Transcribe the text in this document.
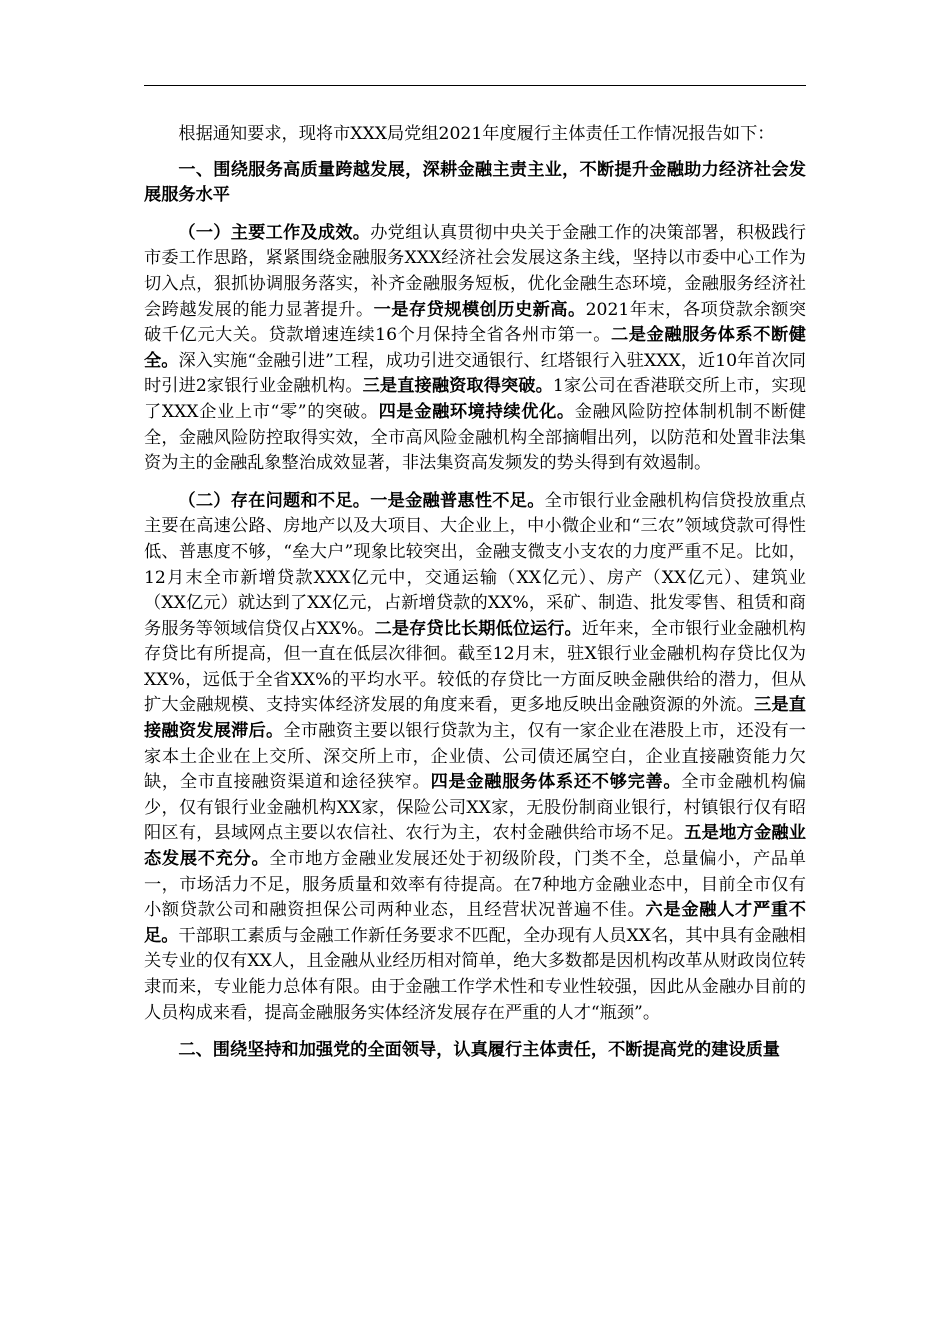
根据通知要求，现将市XXX局党组2021年度履行主体责任工作情况报告如下：

一、围绕服务高质量跨越发展，深耕金融主责主业，不断提升金融助力经济社会发展服务水平

（一）主要工作及成效。办党组认真贯彻中央关于金融工作的决策部署，积极践行市委工作思路，紧紧围绕金融服务XXX经济社会发展这条主线，坚持以市委中心工作为切入点，狠抓协调服务落实，补齐金融服务短板，优化金融生态环境，金融服务经济社会跨越发展的能力显著提升。一是存贷规模创历史新高。2021年末，各项贷款余额突破千亿元大关。贷款增速连续16个月保持全省各州市第一。二是金融服务体系不断健全。深入实施“金融引进”工程，成功引进交通银行、红塔银行入驻XXX，近10年首次同时引进2家银行业金融机构。三是直接融资取得突破。1家公司在香港联交所上市，实现了XXX企业上市“零”的突破。四是金融环境持续优化。金融风险防控体制机制不断健全，金融风险防控取得实效，全市高风险金融机构全部摘帽出列，以防范和处置非法集资为主的金融乱象整治成效显著，非法集资高发频发的势头得到有效遏制。

（二）存在问题和不足。一是金融普惠性不足。全市银行业金融机构信贷投放重点主要在高速公路、房地产以及大项目、大企业上，中小微企业和“三农”领域贷款可得性低、普惠度不够，“垒大户”现象比较突出，金融支微支小支农的力度严重不足。比如，12月末全市新增贷款XXX亿元中，交通运输（XX亿元）、房产（XX亿元）、建筑业（XX亿元）就达到了XX亿元，占新增贷款的XX%，采矿、制造、批发零售、租赁和商务服务等领域信贷仅占XX%。二是存贷比长期低位运行。近年来，全市银行业金融机构存贷比有所提高，但一直在低层次徘徊。截至12月末，驻X银行业金融机构存贷比仅为XX%，远低于全省XX%的平均水平。较低的存贷比一方面反映金融供给的潜力，但从扩大金融规模、支持实体经济发展的角度来看，更多地反映出金融资源的外流。三是直接融资发展滞后。全市融资主要以银行贷款为主，仅有一家企业在港股上市，还没有一家本土企业在上交所、深交所上市，企业债、公司债还属空白，企业直接融资能力欠缺，全市直接融资渠道和途径狭窄。四是金融服务体系还不够完善。全市金融机构偏少，仅有银行业金融机构XX家，保险公司XX家，无股份制商业银行，村镇银行仅有昭阳区有，县域网点主要以农信社、农行为主，农村金融供给市场不足。五是地方金融业态发展不充分。全市地方金融业发展还处于初级阶段，门类不全，总量偏小，产品单一，市场活力不足，服务质量和效率有待提高。在7种地方金融业态中，目前全市仅有小额贷款公司和融资担保公司两种业态，且经营状况普遍不佳。六是金融人才严重不足。干部职工素质与金融工作新任务要求不匹配，全办现有人员XX名，其中具有金融相关专业的仅有XX人，且金融从业经历相对简单，绝大多数都是因机构改革从财政岗位转隶而来，专业能力总体有限。由于金融工作学术性和专业性较强，因此从金融办目前的人员构成来看，提高金融服务实体经济发展存在严重的人才“瓶颈”。

二、围绕坚持和加强党的全面领导，认真履行主体责任，不断提高党的建设质量
